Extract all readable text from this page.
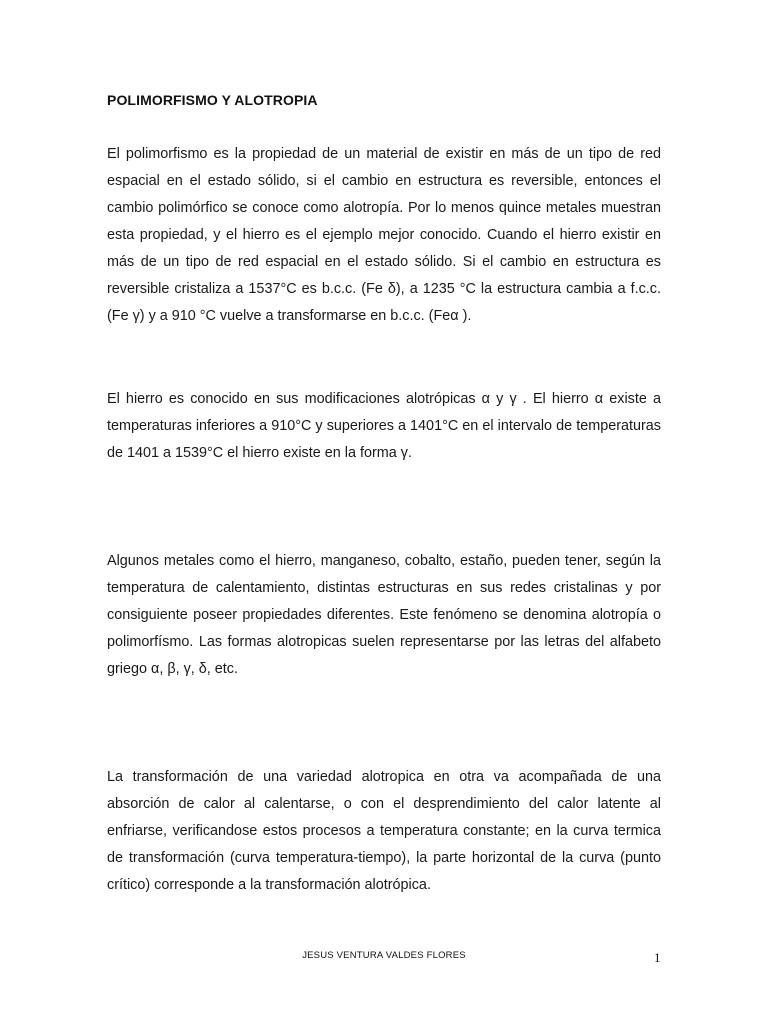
POLIMORFISMO Y ALOTROPIA

El polimorfismo es la propiedad de un material de existir en más de un tipo de red espacial en el estado sólido, si el cambio en estructura es reversible, entonces el cambio polimórfico se conoce como alotropía. Por lo menos quince metales muestran esta propiedad, y el hierro es el ejemplo mejor conocido. Cuando el hierro existir en más de un tipo de red espacial en el estado sólido. Si el cambio en estructura es reversible cristaliza a 1537°C es b.c.c. (Fe δ), a 1235 °C la estructura cambia a f.c.c. (Fe γ) y a 910 °C vuelve a transformarse en b.c.c. (Feα ).

El hierro es conocido en sus modificaciones alotrópicas α y γ . El hierro α existe a temperaturas inferiores a 910°C y superiores a 1401°C en el intervalo de temperaturas de 1401 a 1539°C el hierro existe en la forma γ.

Algunos metales como el hierro, manganeso, cobalto, estaño, pueden tener, según la temperatura de calentamiento, distintas estructuras en sus redes cristalinas y por consiguiente poseer propiedades diferentes. Este fenómeno se denomina alotropía o polimorfísmo. Las formas alotropicas suelen representarse por las letras del alfabeto griego α, β, γ, δ, etc.

La transformación de una variedad alotropica en otra va acompañada de una absorción de calor al calentarse, o con el desprendimiento del calor latente al enfriarse, verificandose estos procesos a temperatura constante; en la curva termica de transformación (curva temperatura-tiempo), la parte horizontal de la curva (punto crítico) corresponde a la transformación alotrópica.

JESUS VENTURA VALDES FLORES	1
